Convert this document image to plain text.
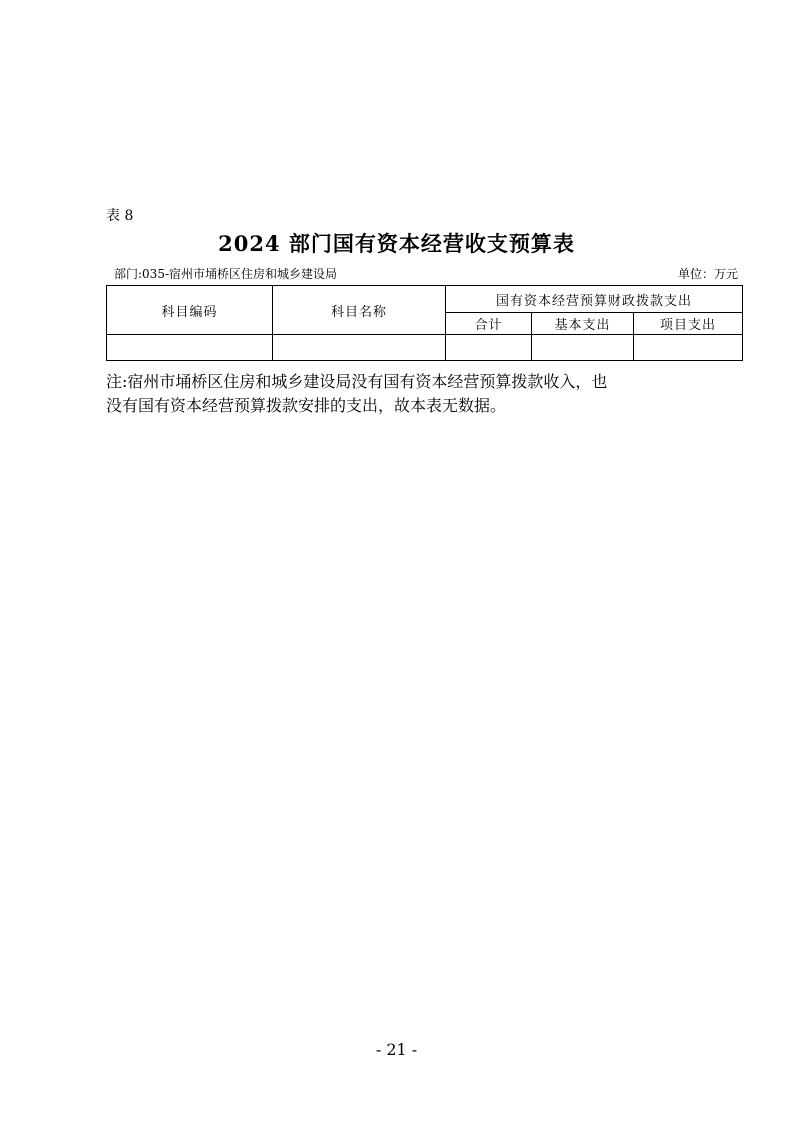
表 8
2024 部门国有资本经营收支预算表
部门:035-宿州市埇桥区住房和城乡建设局	单位：万元
科目编码	科目名称	国有资本经营预算财政拨款支出		
		合计	基本支出	项目支出

注:宿州市埇桥区住房和城乡建设局没有国有资本经营预算拨款收入，也
没有国有资本经营预算拨款安排的支出，故本表无数据。
- 21 -
